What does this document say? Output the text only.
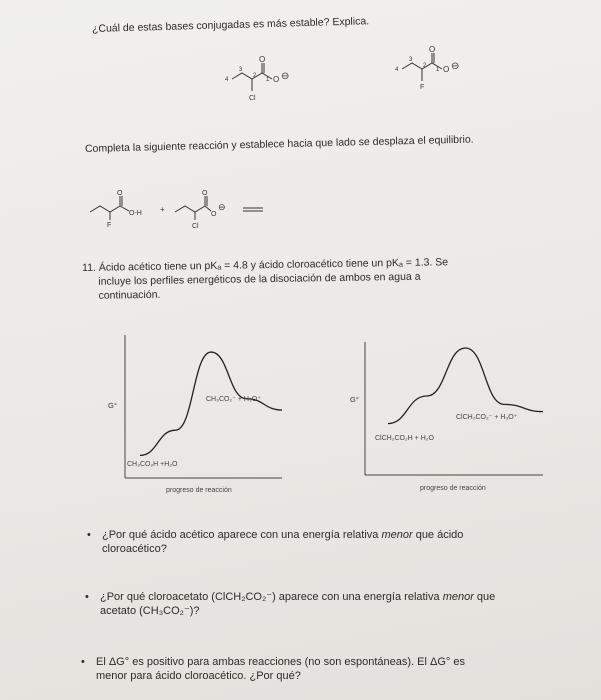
¿Cuál de estas bases conjugadas es más estable? Explica.
O
O ⊖
Cl
4
3
2
1
O
O ⊖
F
4
3
2
1
Completa la siguiente reacción y establece hacia que lado se desplaza el equilibrio.
O
O-H
F
+
O
O
⊖
Cl
11. Ácido acético tiene un pKₐ = 4.8 y ácido cloroacético tiene un pKₐ = 1.3. Se
incluye los perfiles energéticos de la disociación de ambos en agua a
continuación.
G°
CH₃CO₂⁻ + H₃O⁺
CH₃CO₂H +H₂O
progreso de reacción
G°
ClCH₂CO₂⁻ + H₃O⁺
ClCH₂CO₂H + H₂O
progreso de reacción
• ¿Por qué ácido acético aparece con una energía relativa menor que ácido
cloroacético?
• ¿Por qué cloroacetato (ClCH₂CO₂⁻) aparece con una energía relativa menor que
acetato (CH₃CO₂⁻)?
• El ΔG° es positivo para ambas reacciones (no son espontáneas). El ΔG° es
menor para ácido cloroacético. ¿Por qué?
